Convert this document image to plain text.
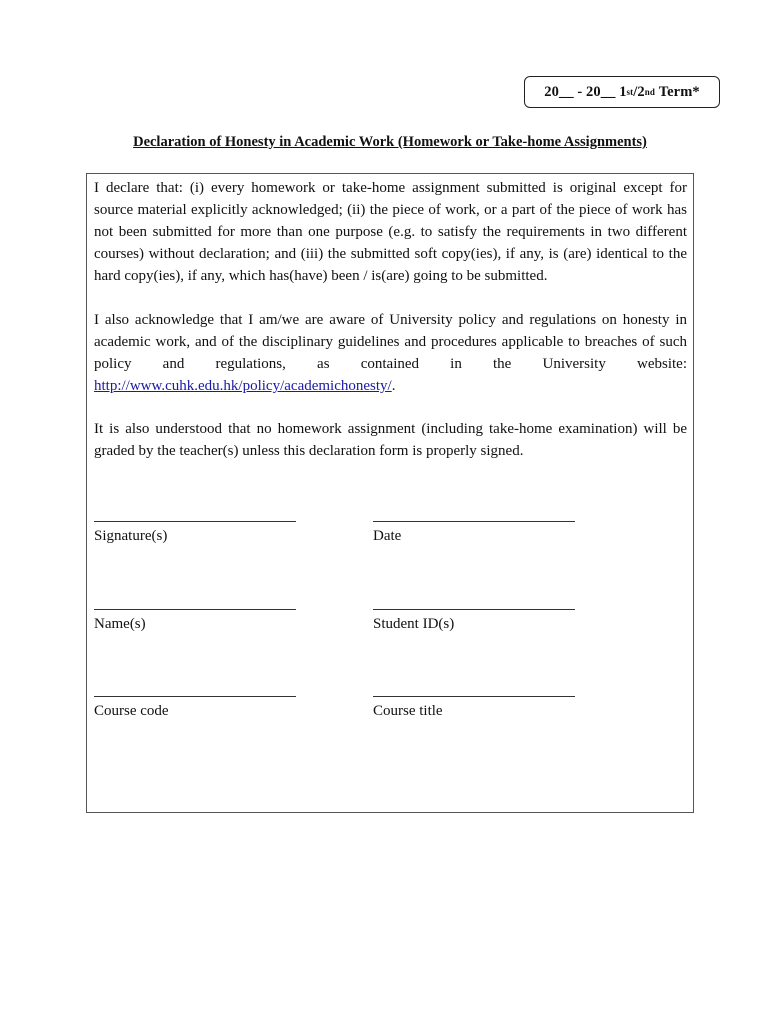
20__ - 20__
1 st /2 nd
Term*
Declaration of Honesty in Academic Work (Homework or Take-home Assignments)

I declare that: (i) every homework or take-home assignment submitted is original except for source material explicitly acknowledged; (ii) the piece of work, or a part of the piece of work has not been submitted for more than one purpose (e.g. to satisfy the requirements in two different courses) without declaration; and (iii) the submitted soft copy(ies), if any, is (are) identical to the hard copy(ies), if any, which has(have) been / is(are) going to be submitted.

I also acknowledge that I am/we are aware of University policy and regulations on honesty in academic work, and of the disciplinary guidelines and procedures applicable to breaches of such policy and regulations, as contained in the University website: http://www.cuhk.edu.hk/policy/academichonesty/.

It is also understood that no homework assignment (including take-home examination) will be graded by the teacher(s) unless this declaration form is properly signed.

Signature(s)	Date
Name(s)	Student ID(s)
Course code	Course title
